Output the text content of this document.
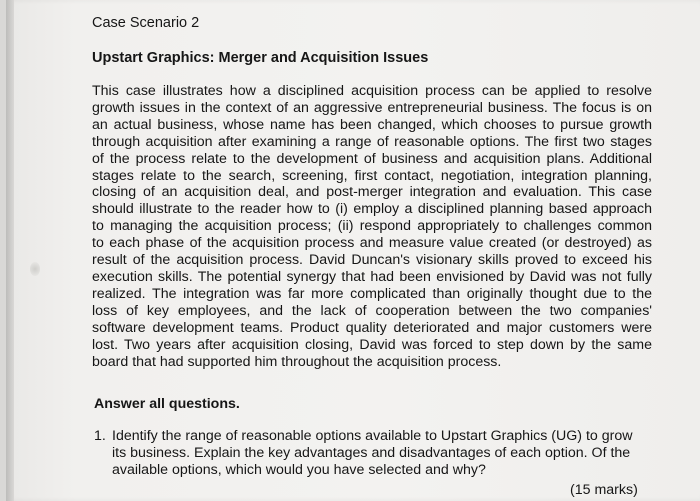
Case Scenario 2
Upstart Graphics: Merger and Acquisition Issues
This case illustrates how a disciplined acquisition process can be applied to resolve
growth issues in the context of an aggressive entrepreneurial business. The focus is on
an actual business, whose name has been changed, which chooses to pursue growth
through acquisition after examining a range of reasonable options. The first two stages
of the process relate to the development of business and acquisition plans. Additional
stages relate to the search, screening, first contact, negotiation, integration planning,
closing of an acquisition deal, and post-merger integration and evaluation. This case
should illustrate to the reader how to (i) employ a disciplined planning based approach
to managing the acquisition process; (ii) respond appropriately to challenges common
to each phase of the acquisition process and measure value created (or destroyed) as
result of the acquisition process. David Duncan's visionary skills proved to exceed his
execution skills. The potential synergy that had been envisioned by David was not fully
realized. The integration was far more complicated than originally thought due to the
loss of key employees, and the lack of cooperation between the two companies'
software development teams. Product quality deteriorated and major customers were
lost. Two years after acquisition closing, David was forced to step down by the same
board that had supported him throughout the acquisition process.
Answer all questions.
1. Identify the range of reasonable options available to Upstart Graphics (UG) to grow
its business. Explain the key advantages and disadvantages of each option. Of the
available options, which would you have selected and why?
(15 marks)
